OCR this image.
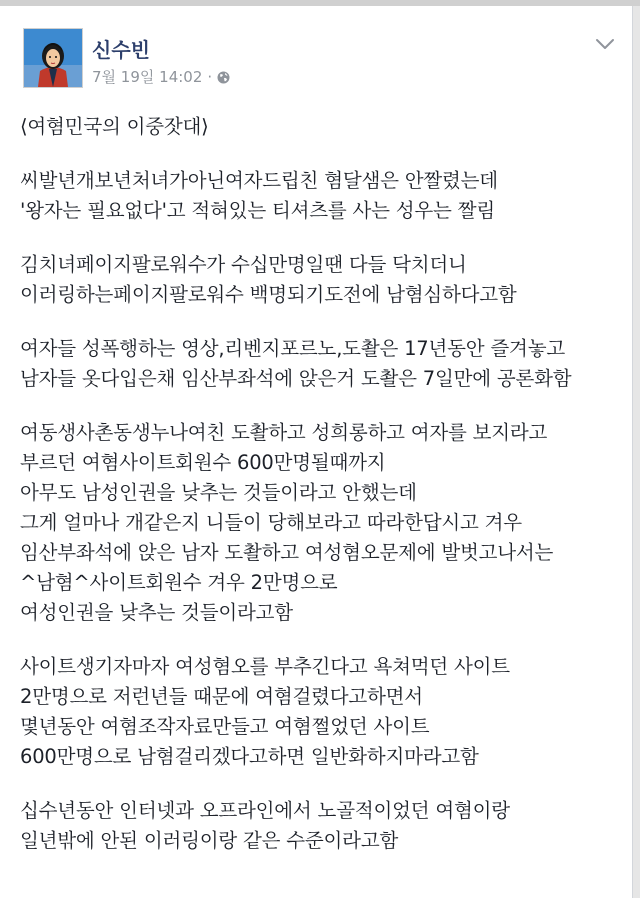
신수빈
7월 19일 14:02 ·
⟨여혐민국의 이중잣대⟩
씨발년개보년처녀가아닌여자드립친 혐달샘은 안짤렸는데
'왕자는 필요없다'고 적혀있는 티셔츠를 사는 성우는 짤림
김치녀페이지팔로워수가 수십만명일땐 다들 닥치더니
이러링하는페이지팔로워수 백명되기도전에 남혐심하다고함
여자들 성폭행하는 영상,리벤지포르노,도촬은 17년동안 즐겨놓고
남자들 옷다입은채 임산부좌석에 앉은거 도촬은 7일만에 공론화함
여동생사촌동생누나여친 도촬하고 성희롱하고 여자를 보지라고
부르던 여혐사이트회원수 600만명될때까지
아무도 남성인권을 낮추는 것들이라고 안했는데
그게 얼마나 개같은지 니들이 당해보라고 따라한답시고 겨우
임산부좌석에 앉은 남자 도촬하고 여성혐오문제에 발벗고나서는
^남혐^사이트회원수 겨우 2만명으로
여성인권을 낮추는 것들이라고함
사이트생기자마자 여성혐오를 부추긴다고 욕쳐먹던 사이트
2만명으로 저런년들 때문에 여혐걸렸다고하면서
몇년동안 여혐조작자료만들고 여혐쩔었던 사이트
600만명으로 남혐걸리겠다고하면 일반화하지마라고함
십수년동안 인터넷과 오프라인에서 노골적이었던 여혐이랑
일년밖에 안된 이러링이랑 같은 수준이라고함
